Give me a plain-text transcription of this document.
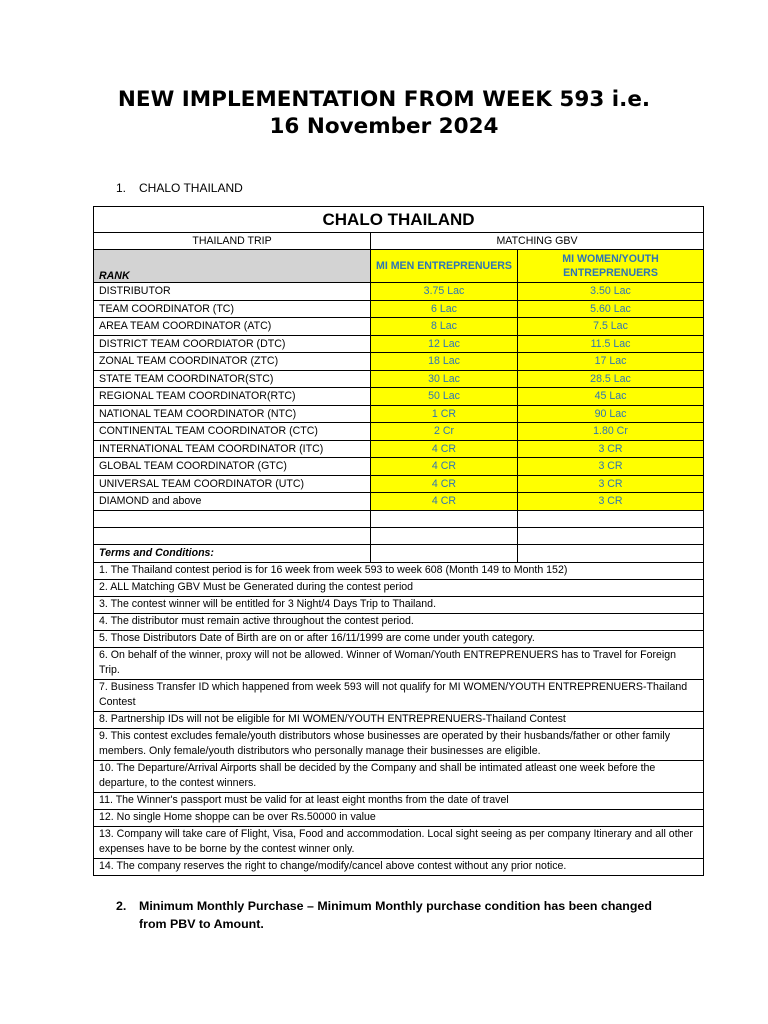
NEW IMPLEMENTATION FROM WEEK 593 i.e.
16 November 2024
1. CHALO THAILAND
CHALO THAILAND		
THAILAND TRIP	MATCHING GBV	
RANK	MI MEN ENTREPRENUERS	MI WOMEN/YOUTH ENTREPRENUERS
DISTRIBUTOR	3.75 Lac	3.50 Lac
TEAM COORDINATOR (TC)	6 Lac	5.60 Lac
AREA TEAM COORDINATOR (ATC)	8 Lac	7.5 Lac
DISTRICT TEAM COORDIATOR (DTC)	12 Lac	11.5 Lac
ZONAL TEAM COORDINATOR (ZTC)	18 Lac	17 Lac
STATE TEAM COORDINATOR(STC)	30 Lac	28.5 Lac
REGIONAL TEAM COORDINATOR(RTC)	50 Lac	45 Lac
NATIONAL TEAM COORDINATOR (NTC)	1 CR	90 Lac
CONTINENTAL TEAM COORDINATOR (CTC)	2 Cr	1.80 Cr
INTERNATIONAL TEAM COORDINATOR (ITC)	4 CR	3 CR
GLOBAL TEAM COORDINATOR (GTC)	4 CR	3 CR
UNIVERSAL TEAM COORDINATOR (UTC)	4 CR	3 CR
DIAMOND and above	4 CR	3 CR

Terms and Conditions:		
1. The Thailand contest period is for 16 week from week 593 to week 608 (Month 149 to Month 152)		
2. ALL Matching GBV Must be Generated during the contest period		
3. The contest winner will be entitled for 3 Night/4 Days Trip to Thailand.		
4. The distributor must remain active throughout the contest period.		
5. Those Distributors Date of Birth are on or after 16/11/1999 are come under youth category.		
6. On behalf of the winner, proxy will not be allowed. Winner of Woman/Youth ENTREPRENUERS has to Travel for Foreign Trip.		
7. Business Transfer ID which happened from week 593 will not qualify for MI WOMEN/YOUTH ENTREPRENUERS-Thailand Contest		
8. Partnership IDs will not be eligible for MI WOMEN/YOUTH ENTREPRENUERS-Thailand Contest		
9. This contest excludes female/youth distributors whose businesses are operated by their husbands/father or other family members. Only female/youth distributors who personally manage their businesses are eligible.		
10. The Departure/Arrival Airports shall be decided by the Company and shall be intimated atleast one week before the departure, to the contest winners.		
11. The Winner's passport must be valid for at least eight months from the date of travel		
12. No single Home shoppe can be over Rs.50000 in value		
13. Company will take care of Flight, Visa, Food and accommodation. Local sight seeing as per company Itinerary and all other expenses have to be borne by the contest winner only.		
14. The company reserves the right to change/modify/cancel above contest without any prior notice.		
2. Minimum Monthly Purchase – Minimum Monthly purchase condition has been changed from PBV to Amount.
